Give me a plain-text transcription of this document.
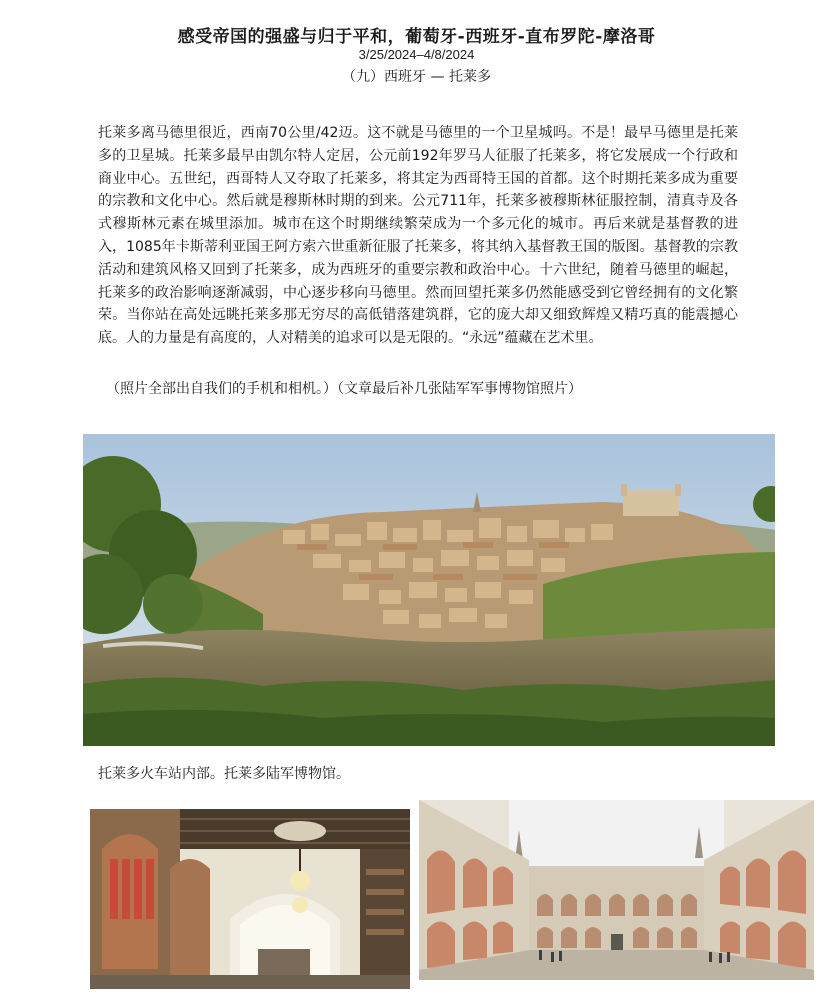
感受帝国的强盛与归于平和，葡萄牙-西班牙-直布罗陀-摩洛哥
3/25/2024–4/8/2024
（九）西班牙 — 托莱多
托莱多离马德里很近，西南70公里/42迈。这不就是马德里的一个卫星城吗。不是！最早马德里是托莱多的卫星城。托莱多最早由凯尔特人定居，公元前192年罗马人征服了托莱多，将它发展成一个行政和商业中心。五世纪，西哥特人又夺取了托莱多，将其定为西哥特王国的首都。这个时期托莱多成为重要的宗教和文化中心。然后就是穆斯林时期的到来。公元711年，托莱多被穆斯林征服控制，清真寺及各式穆斯林元素在城里添加。城市在这个时期继续繁荣成为一个多元化的城市。再后来就是基督教的进入，1085年卡斯蒂利亚国王阿方索六世重新征服了托莱多，将其纳入基督教王国的版图。基督教的宗教活动和建筑风格又回到了托莱多，成为西班牙的重要宗教和政治中心。十六世纪，随着马德里的崛起，托莱多的政治影响逐渐减弱，中心逐步移向马德里。然而回望托莱多仍然能感受到它曾经拥有的文化繁荣。当你站在高处远眺托莱多那无穷尽的高低错落建筑群，它的庞大却又细致辉煌又精巧真的能震撼心底。人的力量是有高度的，人对精美的追求可以是无限的。“永远”蕴藏在艺术里。
（照片全部出自我们的手机和相机。）（文章最后补几张陆军军事博物馆照片）
托莱多火车站内部。托莱多陆军博物馆。
